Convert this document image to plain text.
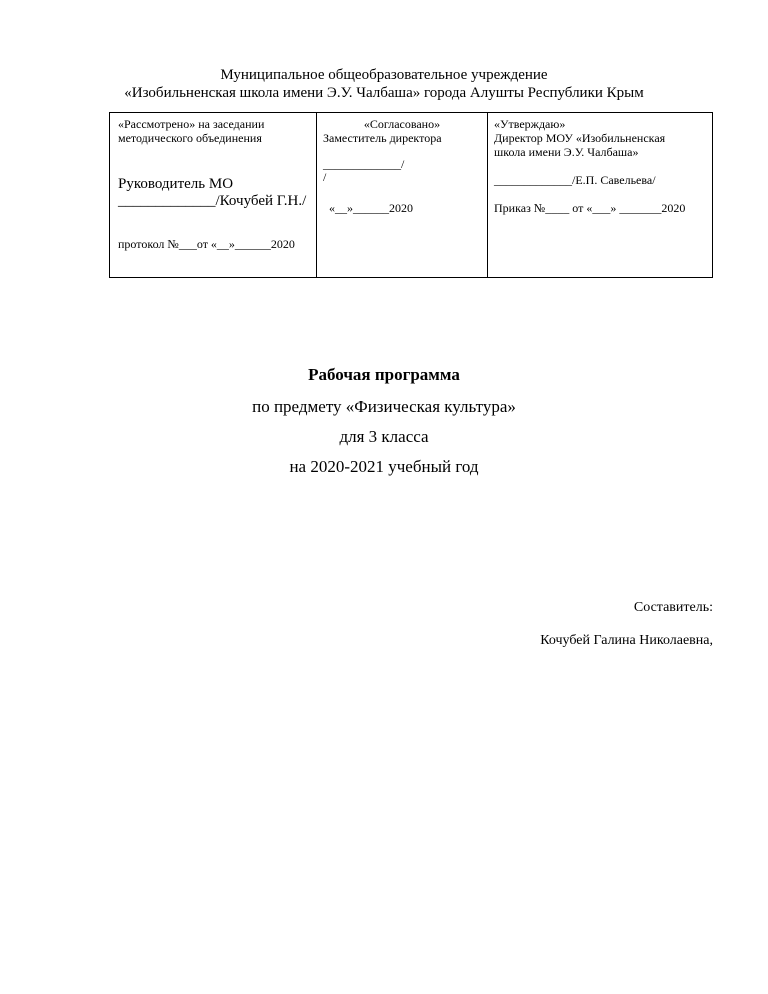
Муниципальное общеобразовательное учреждение
«Изобильненская школа имени Э.У. Чалбаша» города Алушты Республики Крым
«Рассмотрено» на заседании
методического объединения
Руководитель МО
_____________/Кочубей Г.Н./
протокол №___от «__»______2020
«Согласовано»
Заместитель директора
_____________/
/
«__»______2020
«Утверждаю»
Директор МОУ «Изобильненская
школа имени Э.У. Чалбаша»
_____________/Е.П. Савельева/
Приказ №____ от «___» _______2020
Рабочая программа
по предмету «Физическая культура»
для 3 класса
на 2020-2021 учебный год
Составитель:
Кочубей Галина Николаевна,
